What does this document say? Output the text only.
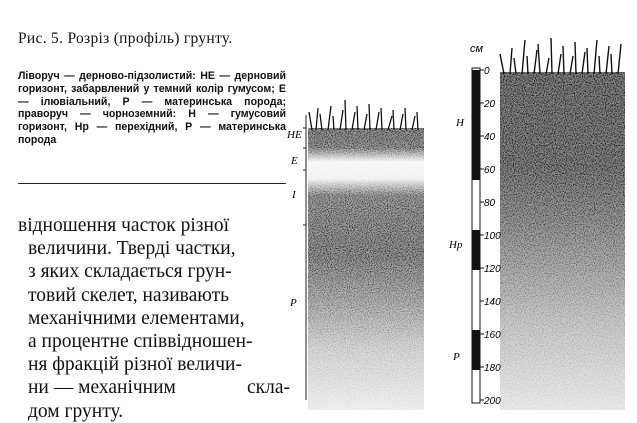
Рис. 5. Розріз (профіль) грунту.
Ліворуч — дерново-підзолистий: НЕ — дерновий горизонт, забарвлений у темний колір гумусом; Е — ілювіальний, Р — материнська порода; праворуч — чорноземний: Н — гумусовий горизонт, Нр — перехідний, Р — материнська порода
відношення часток різної
величини. Тверді частки,
з яких складається грун-
товий скелет, називають
механічними елементами,
а процентне співвідношен-
ня фракцій різної величи-
ни — механічним	скла-
дом грунту.
НЕ
Е
І
Р
см
0
20
40
60
80
100
120
140
160
180
200
Н
Нр
Р
